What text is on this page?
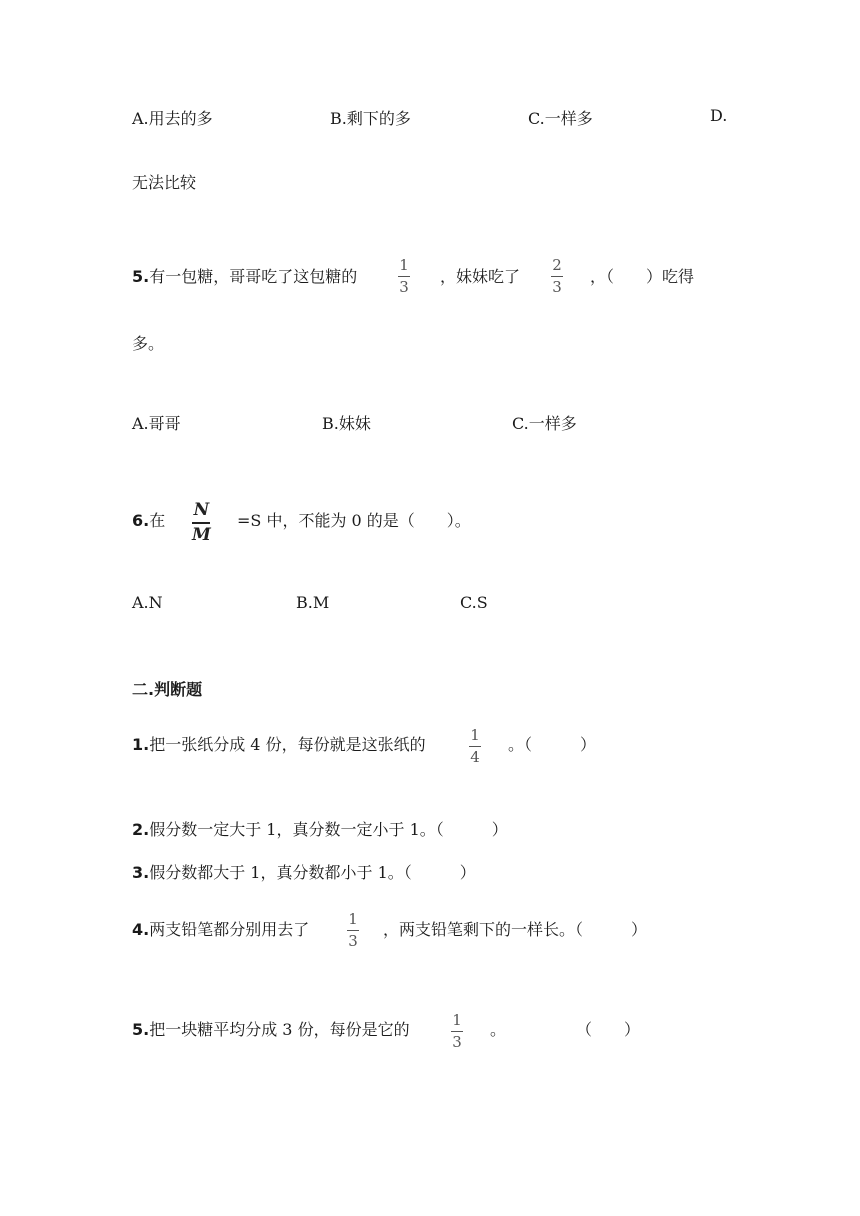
A.用去的多	B.剩下的多	C.一样多	D.
无法比较
5.有一包糖，哥哥吃了这包糖的
1
3
，妹妹吃了
2
3
，（　　）吃得
多。
A.哥哥	B.妹妹	C.一样多
6.在
N
M
=S 中，不能为 0 的是（　　）。
A.N	B.M	C.S
二.判断题
1.把一张纸分成 4 份，每份就是这张纸的	1
4
。（　　　）
2.假分数一定大于 1，真分数一定小于 1。（　　　）
3.假分数都大于 1，真分数都小于 1。（　　　）
4.两支铅笔都分别用去了
1
3
，两支铅笔剩下的一样长。（　　　）
5.把一块糖平均分成 3 份，每份是它的	1
3
。	（　　）
